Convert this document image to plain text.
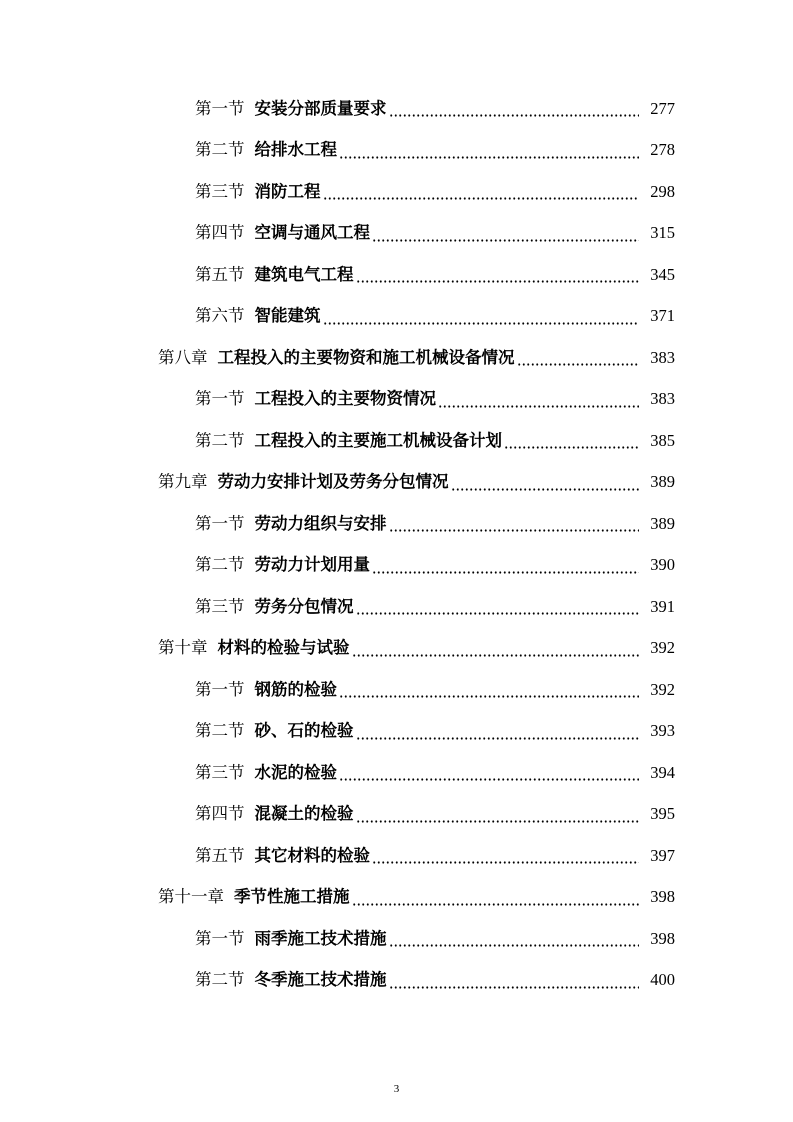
第一节 安装分部质量要求	277
第二节 给排水工程	278
第三节 消防工程	298
第四节 空调与通风工程	315
第五节 建筑电气工程	345
第六节 智能建筑	371
第八章 工程投入的主要物资和施工机械设备情况	383
第一节 工程投入的主要物资情况	383
第二节 工程投入的主要施工机械设备计划	385
第九章 劳动力安排计划及劳务分包情况	389
第一节 劳动力组织与安排	389
第二节 劳动力计划用量	390
第三节 劳务分包情况	391
第十章 材料的检验与试验	392
第一节 钢筋的检验	392
第二节 砂、石的检验	393
第三节 水泥的检验	394
第四节 混凝土的检验	395
第五节 其它材料的检验	397
第十一章 季节性施工措施	398
第一节 雨季施工技术措施	398
第二节 冬季施工技术措施	400
3
